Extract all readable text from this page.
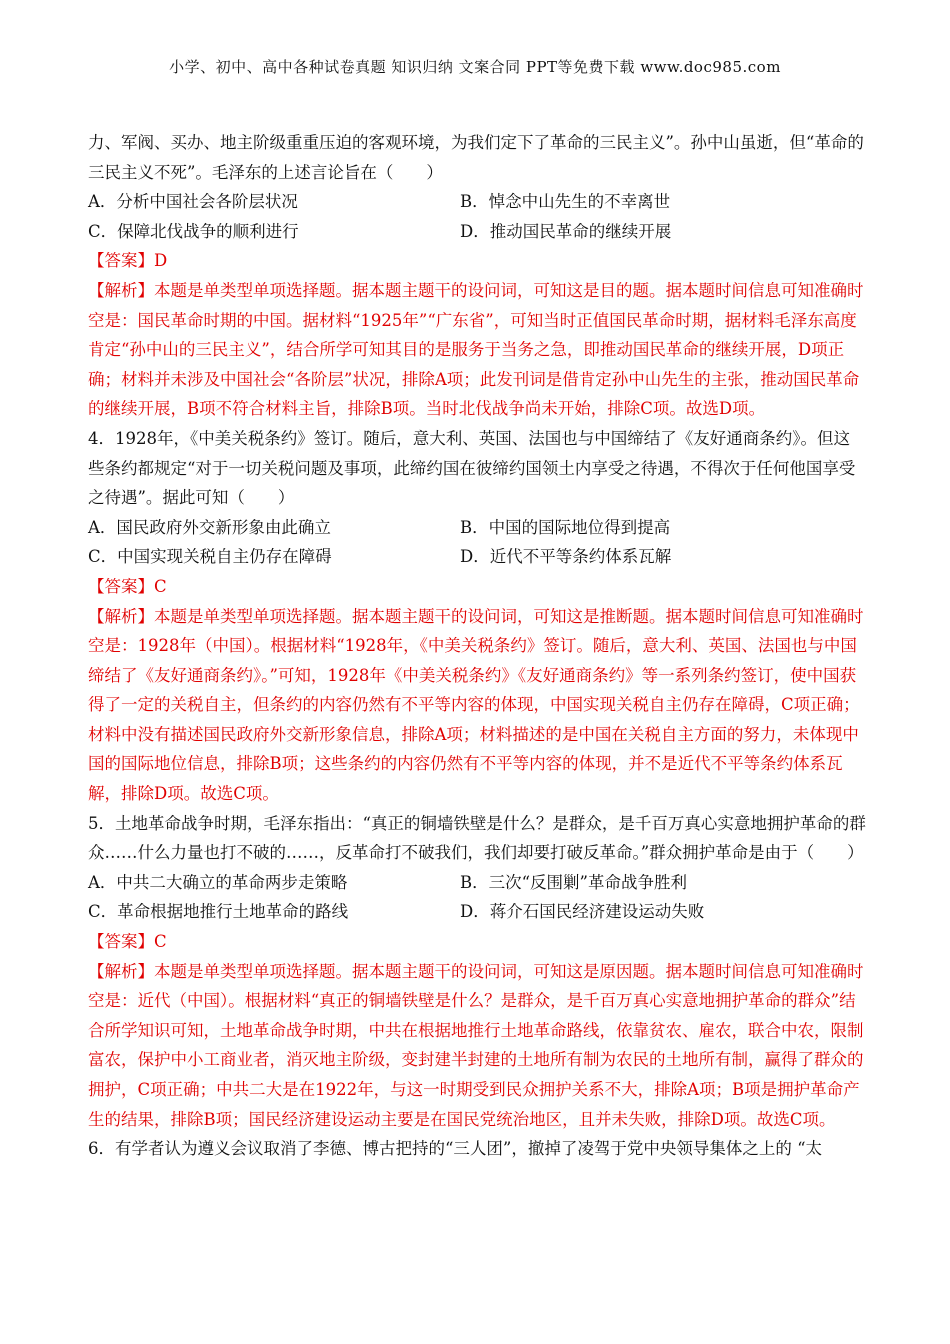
小学、初中、高中各种试卷真题 知识归纳 文案合同 PPT等免费下载 www.doc985.com

力、军阀、买办、地主阶级重重压迫的客观环境，为我们定下了革命的三民主义”。孙中山虽逝，但“革命的三民主义不死”。毛泽东的上述言论旨在（　　）

A．分析中国社会各阶层状况	B．悼念中山先生的不幸离世
C．保障北伐战争的顺利进行	D．推动国民革命的继续开展

【答案】D

【解析】本题是单类型单项选择题。据本题主题干的设问词，可知这是目的题。据本题时间信息可知准确时空是：国民革命时期的中国。据材料“1925年”“广东省”，可知当时正值国民革命时期，据材料毛泽东高度肯定“孙中山的三民主义”，结合所学可知其目的是服务于当务之急，即推动国民革命的继续开展，D项正确；材料并未涉及中国社会“各阶层”状况，排除A项；此发刊词是借肯定孙中山先生的主张，推动国民革命的继续开展，B项不符合材料主旨，排除B项。当时北伐战争尚未开始，排除C项。故选D项。

4．1928年，《中美关税条约》签订。随后，意大利、英国、法国也与中国缔结了《友好通商条约》。但这些条约都规定“对于一切关税问题及事项，此缔约国在彼缔约国领土内享受之待遇，不得次于任何他国享受之待遇”。据此可知（　　）

A．国民政府外交新形象由此确立	B．中国的国际地位得到提高
C．中国实现关税自主仍存在障碍	D．近代不平等条约体系瓦解

【答案】C

【解析】本题是单类型单项选择题。据本题主题干的设问词，可知这是推断题。据本题时间信息可知准确时空是：1928年（中国）。根据材料“1928年，《中美关税条约》签订。随后，意大利、英国、法国也与中国缔结了《友好通商条约》。”可知，1928年《中美关税条约》《友好通商条约》等一系列条约签订，使中国获得了一定的关税自主，但条约的内容仍然有不平等内容的体现，中国实现关税自主仍存在障碍，C项正确；材料中没有描述国民政府外交新形象信息，排除A项；材料描述的是中国在关税自主方面的努力，未体现中国的国际地位信息，排除B项；这些条约的内容仍然有不平等内容的体现，并不是近代不平等条约体系瓦解，排除D项。故选C项。

5．土地革命战争时期，毛泽东指出：“真正的铜墙铁壁是什么？是群众，是千百万真心实意地拥护革命的群众……什么力量也打不破的……，反革命打不破我们，我们却要打破反革命。”群众拥护革命是由于（　　）

A．中共二大确立的革命两步走策略	B．三次“反围剿”革命战争胜利
C．革命根据地推行土地革命的路线	D．蒋介石国民经济建设运动失败

【答案】C

【解析】本题是单类型单项选择题。据本题主题干的设问词，可知这是原因题。据本题时间信息可知准确时空是：近代（中国）。根据材料“真正的铜墙铁壁是什么？是群众，是千百万真心实意地拥护革命的群众”结合所学知识可知，土地革命战争时期，中共在根据地推行土地革命路线，依靠贫农、雇农，联合中农，限制富农，保护中小工商业者，消灭地主阶级，变封建半封建的土地所有制为农民的土地所有制，赢得了群众的拥护，C项正确；中共二大是在1922年，与这一时期受到民众拥护关系不大，排除A项；B项是拥护革命产生的结果，排除B项；国民经济建设运动主要是在国民党统治地区，且并未失败，排除D项。故选C项。

6．有学者认为遵义会议取消了李德、博古把持的“三人团”，撤掉了凌驾于党中央领导集体之上的 “太
